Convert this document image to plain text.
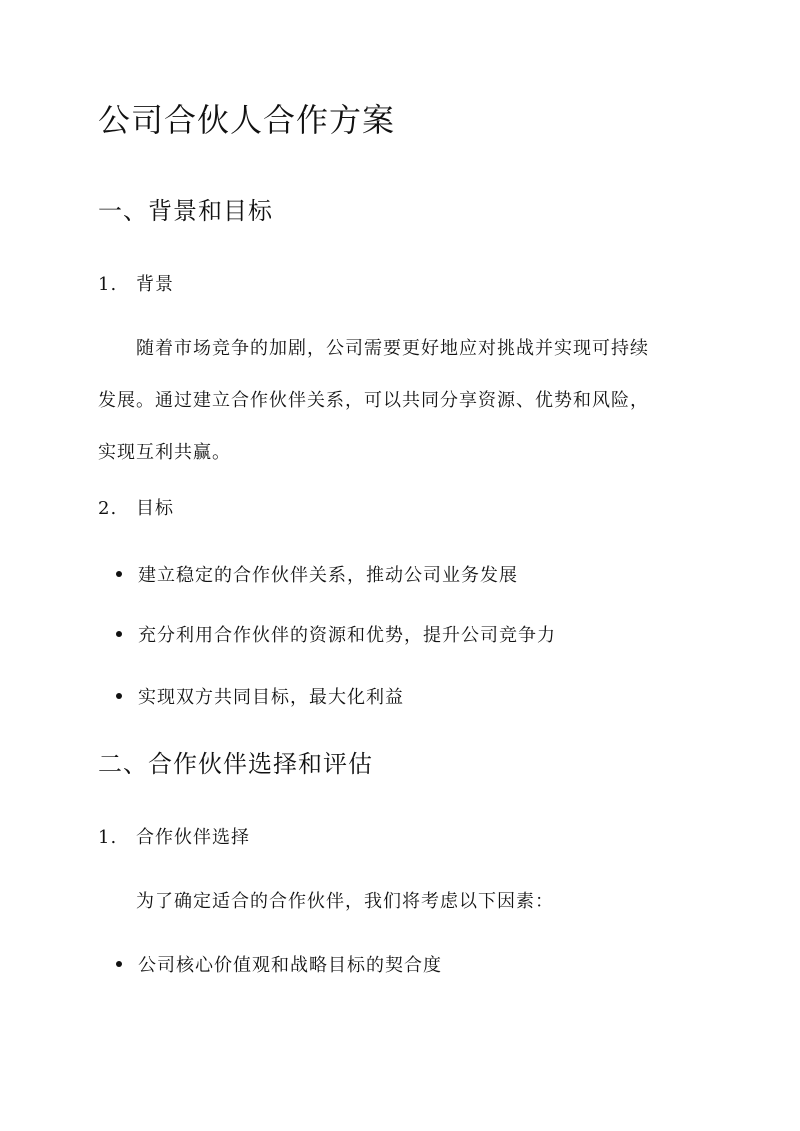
公司合伙人合作方案
一、背景和目标
1. 背景
随着市场竞争的加剧，公司需要更好地应对挑战并实现可持续
发展。通过建立合作伙伴关系，可以共同分享资源、优势和风险，
实现互利共赢。
2. 目标
建立稳定的合作伙伴关系，推动公司业务发展
充分利用合作伙伴的资源和优势，提升公司竞争力
实现双方共同目标，最大化利益
二、合作伙伴选择和评估
1. 合作伙伴选择
为了确定适合的合作伙伴，我们将考虑以下因素：
公司核心价值观和战略目标的契合度
